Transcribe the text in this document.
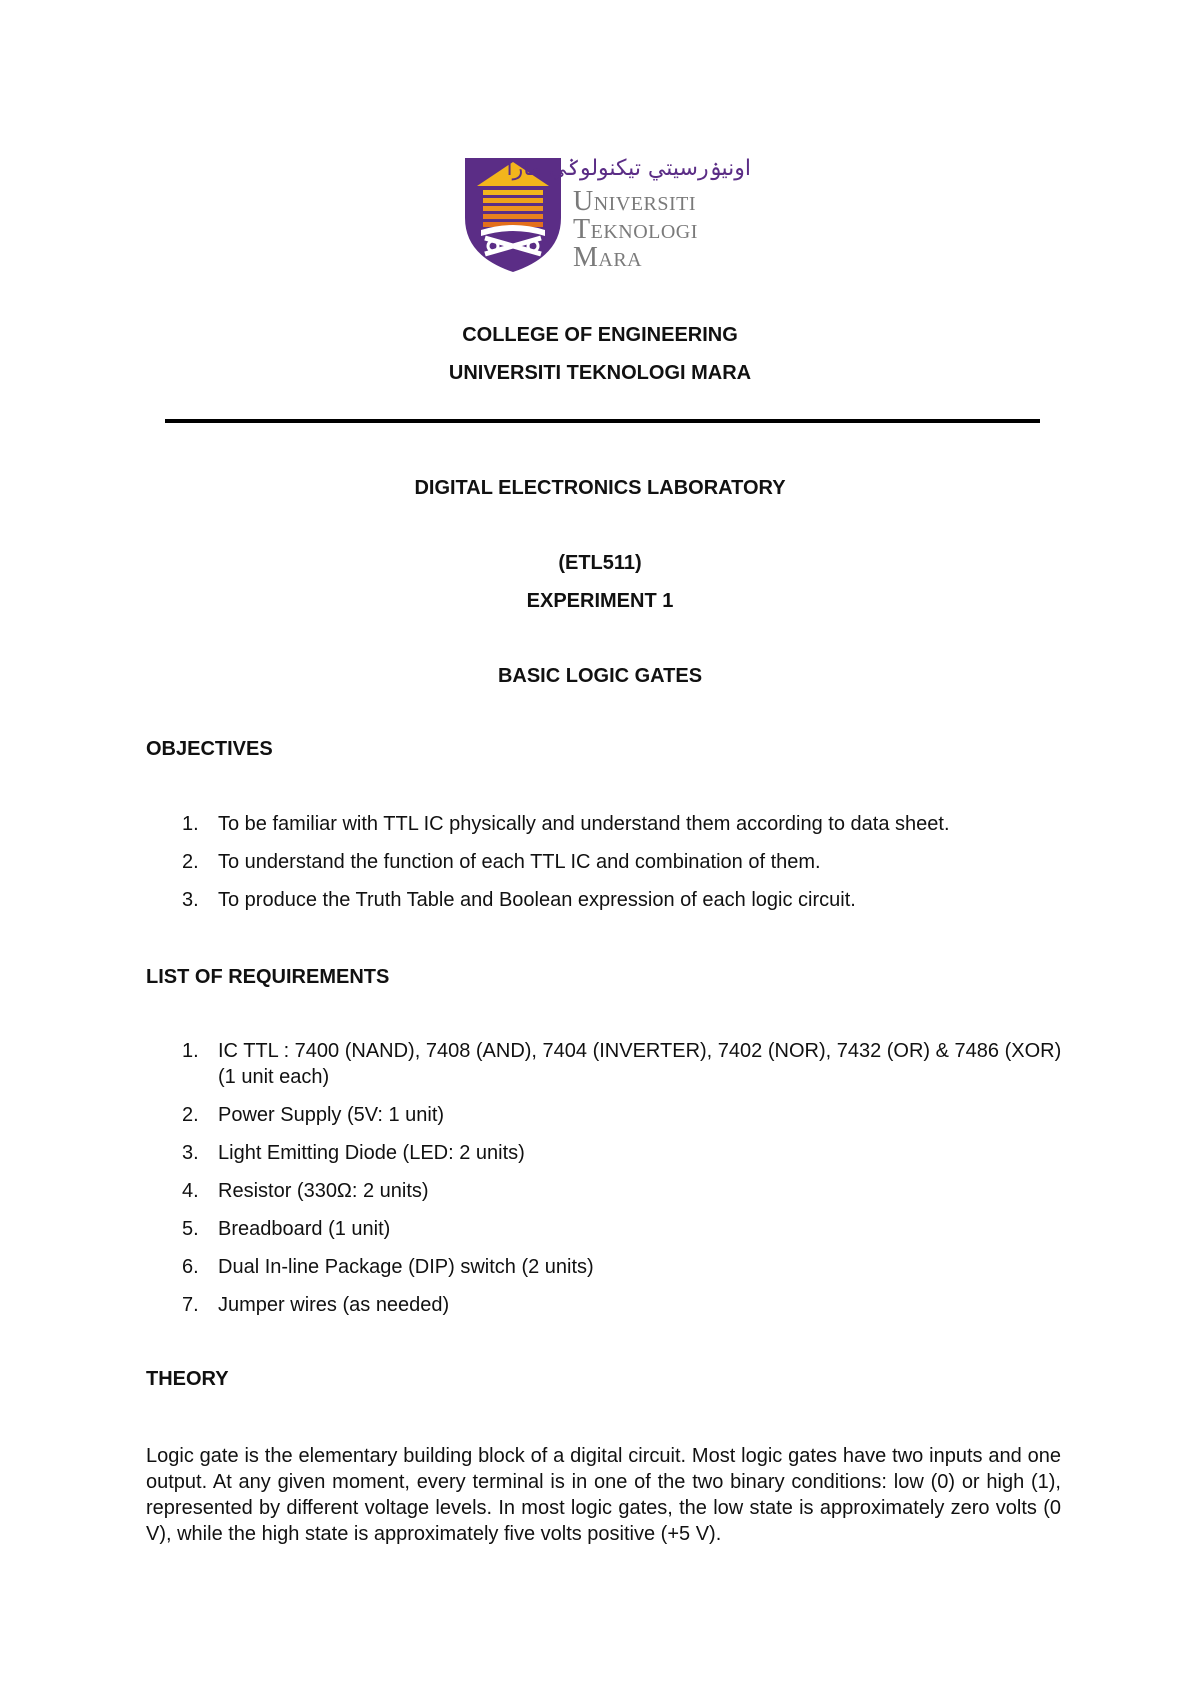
اونيۏرسيتي تيكنولوݢي مارا
Universiti
Teknologi
Mara
COLLEGE OF ENGINEERING
UNIVERSITI TEKNOLOGI MARA
DIGITAL ELECTRONICS LABORATORY
(ETL511)
EXPERIMENT 1
BASIC LOGIC GATES
OBJECTIVES
1. To be familiar with TTL IC physically and understand them according to data sheet.
2. To understand the function of each TTL IC and combination of them.
3. To produce the Truth Table and Boolean expression of each logic circuit.
LIST OF REQUIREMENTS
1. IC TTL : 7400 (NAND), 7408 (AND), 7404 (INVERTER), 7402 (NOR), 7432 (OR) & 7486 (XOR) (1 unit each)
2. Power Supply (5V: 1 unit)
3. Light Emitting Diode (LED: 2 units)
4. Resistor (330Ω: 2 units)
5. Breadboard (1 unit)
6. Dual In-line Package (DIP) switch (2 units)
7. Jumper wires (as needed)
THEORY

Logic gate is the elementary building block of a digital circuit. Most logic gates have two inputs and one output. At any given moment, every terminal is in one of the two binary conditions: low (0) or high (1), represented by different voltage levels. In most logic gates, the low state is approximately zero volts (0 V), while the high state is approximately five volts positive (+5 V).
